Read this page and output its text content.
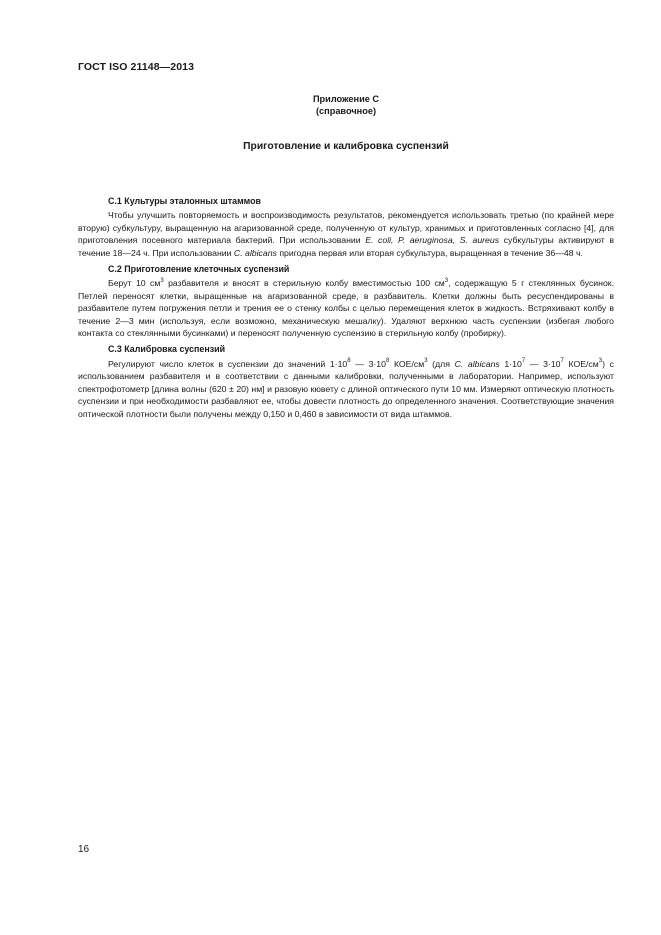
ГОСТ ISO 21148—2013
Приложение С
(справочное)
Приготовление и калибровка суспензий
С.1 Культуры эталонных штаммов

Чтобы улучшить повторяемость и воспроизводимость результатов, рекомендуется использовать третью (по крайней мере вторую) субкультуру, выращенную на агаризованной среде, полученную от культур, хранимых и приготовленных согласно [4], для приготовления посевного материала бактерий. При использовании E. coli, P. aeruginosa, S. aureus субкультуры активируют в течение 18—24 ч. При использовании C. albicans пригодна первая или вторая субкультура, выращенная в течение 36—48 ч.

С.2 Приготовление клеточных суспензий

Берут 10 $см^3$ разбавителя и вносят в стерильную колбу вместимостью 100 $см^3$, содержащую 5 г стеклянных бусинок. Петлей переносят клетки, выращенные на агаризованной среде, в разбавитель. Клетки должны быть ресуспендированы в разбавителе путем погружения петли и трения ее о стенку колбы с целью перемещения клеток в жидкость. Встряхивают колбу в течение 2—3 мин (используя, если возможно, механическую мешалку). Удаляют верхнюю часть суспензии (избегая любого контакта со стеклянными бусинками) и переносят полученную суспензию в стерильную колбу (пробирку).

С.3 Калибровка суспензий

Регулируют число клеток в суспензии до значений $1\cdot 10^8$ — $3\cdot 10^8$ КОЕ/$см^3$ (для C. albicans $1\cdot 10^7$ — $3\cdot 10^7$ КОЕ/$см^3$) с использованием разбавителя и в соответствии с данными калибровки, полученными в лаборатории. Например, используют спектрофотометр [длина волны (620 ± 20) нм] и разовую кювету с длиной оптического пути 10 мм. Измеряют оптическую плотность суспензии и при необходимости разбавляют ее, чтобы довести плотность до определенного значения. Соответствующие значения оптической плотности были получены между 0,150 и 0,460 в зависимости от вида штаммов.

16
